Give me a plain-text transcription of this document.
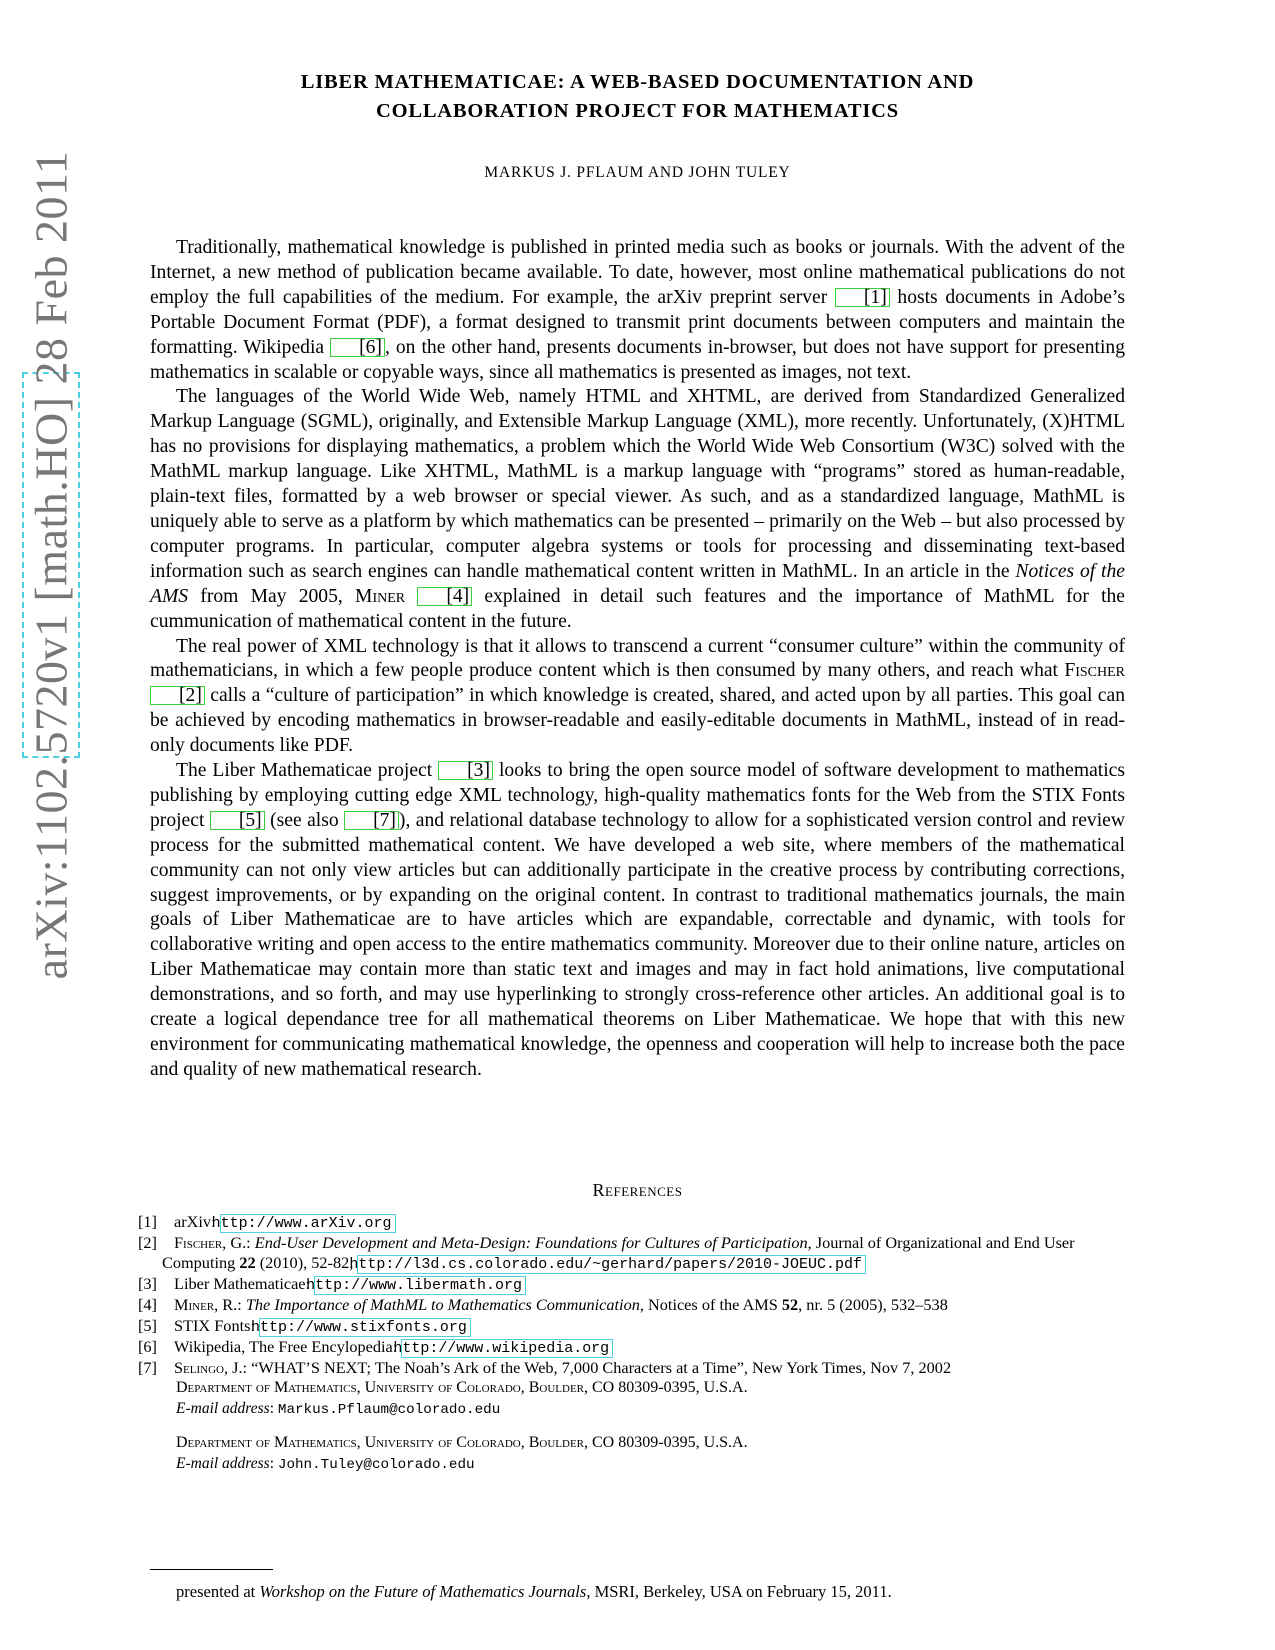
arXiv:1102.5720v1 [math.HO] 28 Feb 2011
LIBER MATHEMATICAE: A WEB-BASED DOCUMENTATION AND
COLLABORATION PROJECT FOR MATHEMATICS
MARKUS J. PFLAUM AND JOHN TULEY

Traditionally, mathematical knowledge is published in printed media such as books or journals. With the advent of the Internet, a new method of publication became available. To date, however, most online mathematical publications do not employ the full capabilities of the medium. For example, the arXiv preprint server [1] hosts documents in Adobe’s Portable Document Format (PDF), a format designed to transmit print documents between computers and maintain the formatting. Wikipedia [6] , on the other hand, presents documents in-browser, but does not have support for presenting mathematics in scalable or copyable ways, since all mathematics is presented as images, not text.

The languages of the World Wide Web, namely HTML and XHTML, are derived from Standardized Generalized Markup Language (SGML), originally, and Extensible Markup Language (XML), more recently. Unfortunately, (X)HTML has no provisions for displaying mathematics, a problem which the World Wide Web Consortium (W3C) solved with the MathML markup language. Like XHTML, MathML is a markup language with “programs” stored as human-readable, plain-text files, formatted by a web browser or special viewer. As such, and as a standardized language, MathML is uniquely able to serve as a platform by which mathematics can be presented – primarily on the Web – but also processed by computer programs. In particular, computer algebra systems or tools for processing and disseminating text-based information such as search engines can handle mathematical content written in MathML. In an article in the Notices of the AMS from May 2005, Miner [4] explained in detail such features and the importance of MathML for the cummunication of mathematical content in the future.

The real power of XML technology is that it allows to transcend a current “consumer culture” within the community of mathematicians, in which a few people produce content which is then consumed by many others, and reach what Fischer [2] calls a “culture of participation” in which knowledge is created, shared, and acted upon by all parties. This goal can be achieved by encoding mathematics in browser-readable and easily-editable documents in MathML, instead of in read-only documents like PDF.

The Liber Mathematicae project [3] looks to bring the open source model of software development to mathematics publishing by employing cutting edge XML technology, high-quality mathematics fonts for the Web from the STIX Fonts project [5] (see also [7] ), and relational database technology to allow for a sophisticated version control and review process for the submitted mathematical content. We have developed a web site, where members of the mathematical community can not only view articles but can additionally participate in the creative process by contributing corrections, suggest improvements, or by expanding on the original content. In contrast to traditional mathematics journals, the main goals of Liber Mathematicae are to have articles which are expandable, correctable and dynamic, with tools for collaborative writing and open access to the entire mathematics community. Moreover due to their online nature, articles on Liber Mathematicae may contain more than static text and images and may in fact hold animations, live computational demonstrations, and so forth, and may use hyperlinking to strongly cross-reference other articles. An additional goal is to create a logical dependance tree for all mathematical theorems on Liber Mathematicae. We hope that with this new environment for communicating mathematical knowledge, the openness and cooperation will help to increase both the pace and quality of new mathematical research.

References
[1] arXiv: http://www.arXiv.org
[2] Fischer, G.: End-User Development and Meta-Design: Foundations for Cultures of Participation, Journal of Organizational and End User Computing 22 (2010), 52-82, http://l3d.cs.colorado.edu/~gerhard/papers/2010-JOEUC.pdf
[3] Liber Mathematicae: http://www.libermath.org
[4] Miner, R.: The Importance of MathML to Mathematics Communication, Notices of the AMS 52, nr. 5 (2005), 532–538
[5] STIX Fonts: http://www.stixfonts.org
[6] Wikipedia, The Free Encylopedia: http://www.wikipedia.org
[7] Selingo, J.: “WHAT’S NEXT; The Noah’s Ark of the Web, 7,000 Characters at a Time”, New York Times, Nov 7, 2002
Department of Mathematics, University of Colorado, Boulder, CO 80309-0395, U.S.A.
E-mail address: Markus.Pflaum@colorado.edu
Department of Mathematics, University of Colorado, Boulder, CO 80309-0395, U.S.A.
E-mail address: John.Tuley@colorado.edu
presented at Workshop on the Future of Mathematics Journals, MSRI, Berkeley, USA on February 15, 2011.
